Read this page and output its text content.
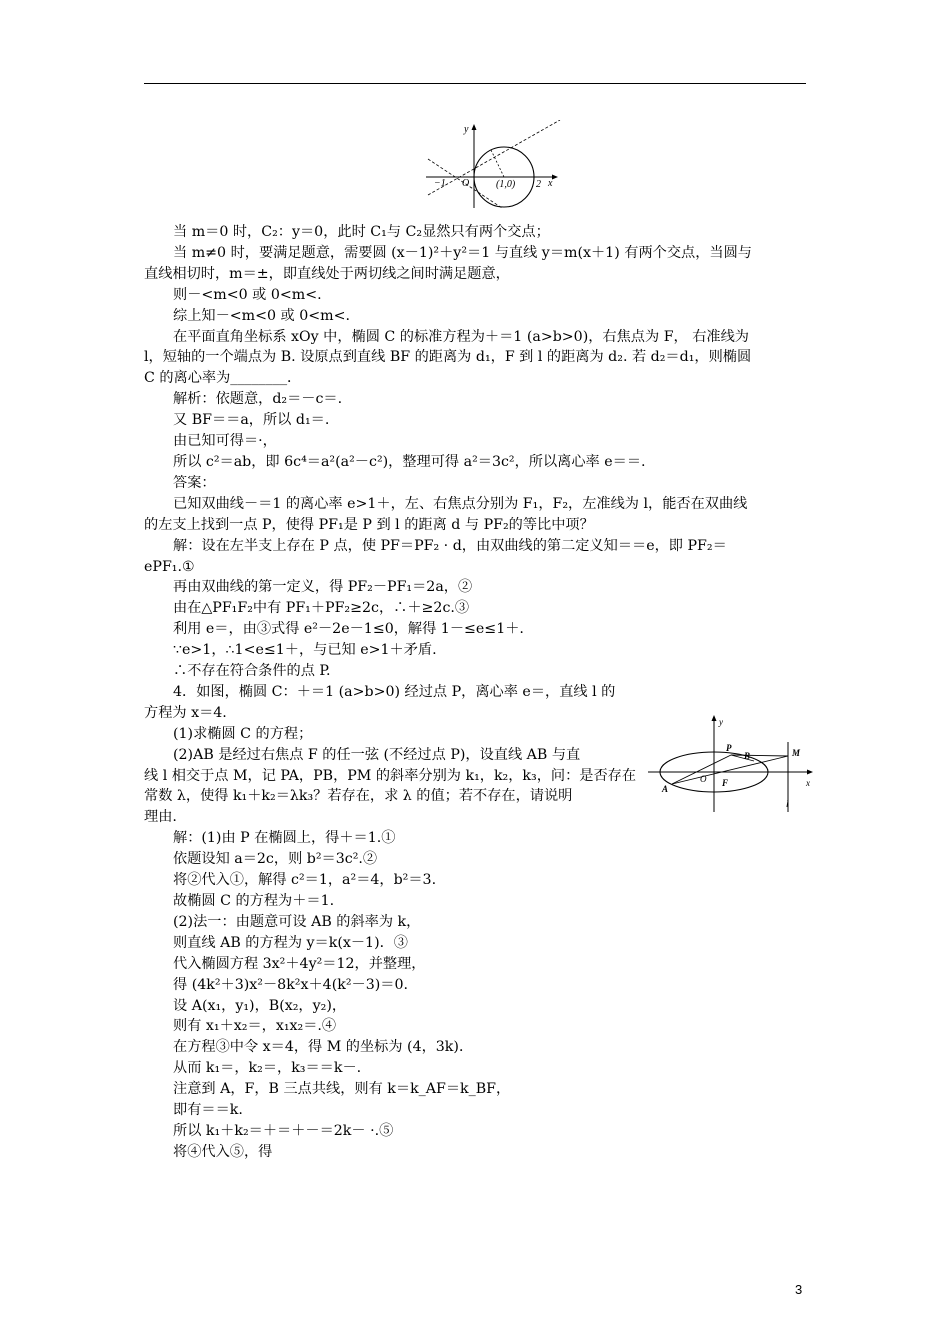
y
−1 O	(1,0) 2 x
y
P
B	M
O F
A
x
l
当 m＝0 时，C₂：y＝0，此时 C₁与 C₂显然只有两个交点；
当 m≠0 时，要满足题意，需要圆 (x－1)²＋y²＝1 与直线 y＝m(x＋1) 有两个交点，当圆与
直线相切时，m＝±，即直线处于两切线之间时满足题意，
则－<m<0 或 0<m<.
综上知－<m<0 或 0<m<.
在平面直角坐标系 xOy 中，椭圆 C 的标准方程为＋＝1 (a>b>0)，右焦点为 F， 右准线为
l，短轴的一个端点为 B. 设原点到直线 BF 的距离为 d₁，F 到 l 的距离为 d₂. 若 d₂＝d₁，则椭圆
C 的离心率为________．
解析：依题意，d₂＝－c＝.
又 BF＝＝a，所以 d₁＝.
由已知可得＝·，
所以 c²＝ab，即 6c⁴＝a²(a²－c²)，整理可得 a²＝3c²，所以离心率 e＝＝.
答案：
已知双曲线－＝1 的离心率 e>1＋，左、右焦点分别为 F₁，F₂，左准线为 l，能否在双曲线
的左支上找到一点 P，使得 PF₁是 P 到 l 的距离 d 与 PF₂的等比中项？
解：设在左半支上存在 P 点，使 PF＝PF₂ · d，由双曲线的第二定义知＝＝e，即 PF₂＝
ePF₁.①
再由双曲线的第一定义，得 PF₂－PF₁＝2a，②
由在△PF₁F₂中有 PF₁＋PF₂≥2c，∴＋≥2c.③
利用 e＝，由③式得 e²－2e－1≤0，解得 1－≤e≤1＋.
∵e>1，∴1<e≤1＋，与已知 e>1＋矛盾.
∴不存在符合条件的点 P.
4．如图，椭圆 C：＋＝1 (a>b>0) 经过点 P，离心率 e＝，直线 l 的
方程为 x＝4.
(1)求椭圆 C 的方程；
(2)AB 是经过右焦点 F 的任一弦 (不经过点 P)，设直线 AB 与直
线 l 相交于点 M，记 PA，PB，PM 的斜率分别为 k₁，k₂，k₃，问：是否存在
常数 λ，使得 k₁＋k₂＝λk₃？若存在，求 λ 的值；若不存在，请说明
理由.
解：(1)由 P 在椭圆上，得＋＝1.①
依题设知 a＝2c，则 b²＝3c².②
将②代入①，解得 c²＝1，a²＝4，b²＝3.
故椭圆 C 的方程为＋＝1.
(2)法一：由题意可设 AB 的斜率为 k，
则直线 AB 的方程为 y＝k(x－1)．③
代入椭圆方程 3x²＋4y²＝12，并整理，
得 (4k²＋3)x²－8k²x＋4(k²－3)＝0.
设 A(x₁，y₁)，B(x₂，y₂)，
则有 x₁＋x₂＝，x₁x₂＝.④
在方程③中令 x＝4，得 M 的坐标为 (4，3k)．
从而 k₁＝，k₂＝，k₃＝＝k－.
注意到 A，F，B 三点共线，则有 k＝k_AF＝k_BF，
即有＝＝k.
所以 k₁＋k₂＝＋＝＋－＝2k－ ·.⑤
将④代入⑤，得
3
